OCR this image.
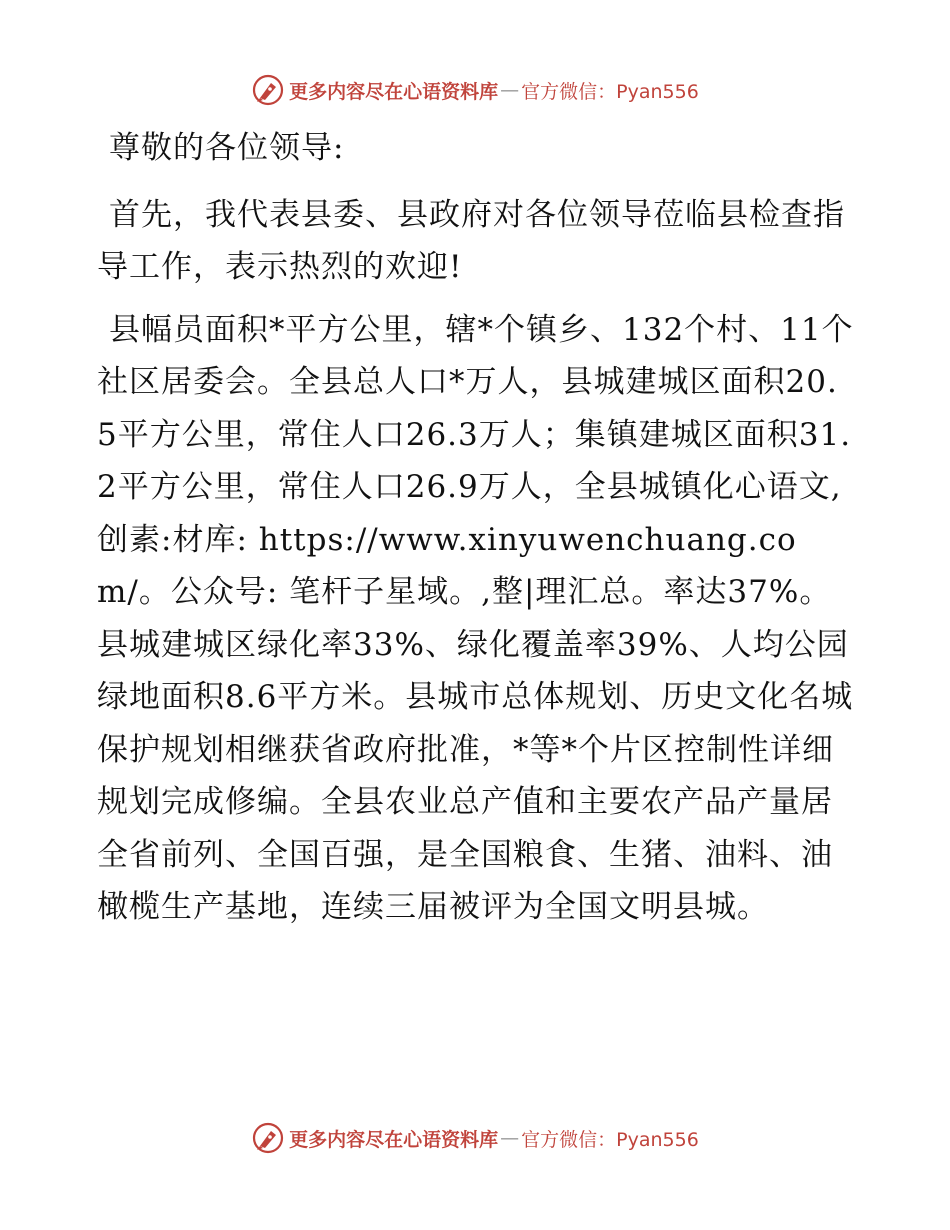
更多内容尽在心语资料库 — 官方微信：Pyan556

尊敬的各位领导:

首先，我代表县委、县政府对各位领导莅临县检查指导工作，表示热烈的欢迎!

县幅员面积*平方公里，辖*个镇乡、132个村、11个社区居委会。全县总人口*万人，县城建城区面积20.5平方公里，常住人口26.3万人；集镇建城区面积31.2平方公里，常住人口26.9万人，全县城镇化心语文,创素:材库: https://www.xinyuwenchuang.com/。公众号: 笔杆子星域。,整|理汇总。率达37%。县城建城区绿化率33%、绿化覆盖率39%、人均公园绿地面积8.6平方米。县城市总体规划、历史文化名城保护规划相继获省政府批准，*等*个片区控制性详细规划完成修编。全县农业总产值和主要农产品产量居全省前列、全国百强，是全国粮食、生猪、油料、油橄榄生产基地，连续三届被评为全国文明县城。

更多内容尽在心语资料库 — 官方微信：Pyan556
